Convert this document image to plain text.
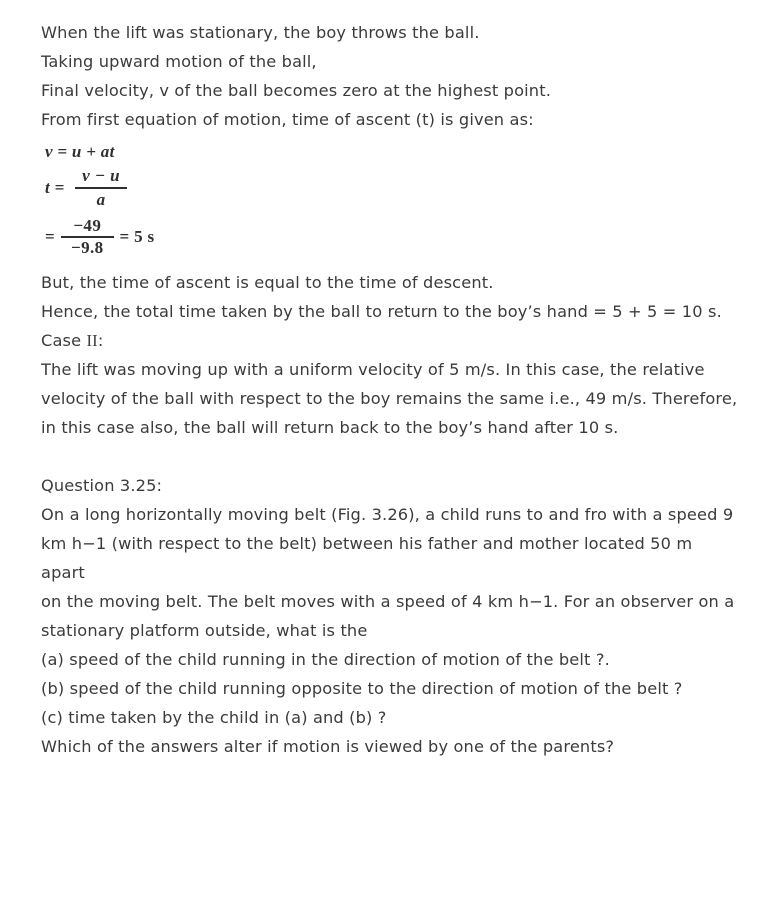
When the lift was stationary, the boy throws the ball.
Taking upward motion of the ball,
Final velocity, v of the ball becomes zero at the highest point.
From first equation of motion, time of ascent (t) is given as:
v = u + at
$t = \frac{v - u}{a}$
= $\frac{-49}{-9.8} = 5$ s
But, the time of ascent is equal to the time of descent.
Hence, the total time taken by the ball to return to the boy’s hand = 5 + 5 = 10 s.
Case II:
The lift was moving up with a uniform velocity of 5 m/s. In this case, the relative
velocity of the ball with respect to the boy remains the same i.e., 49 m/s. Therefore,
in this case also, the ball will return back to the boy’s hand after 10 s.
Question 3.25:
On a long horizontally moving belt (Fig. 3.26), a child runs to and fro with a speed 9
km h−1 (with respect to the belt) between his father and mother located 50 m apart
on the moving belt. The belt moves with a speed of 4 km h−1. For an observer on a
stationary platform outside, what is the
(a) speed of the child running in the direction of motion of the belt ?.
(b) speed of the child running opposite to the direction of motion of the belt ?
(c) time taken by the child in (a) and (b) ?
Which of the answers alter if motion is viewed by one of the parents?
